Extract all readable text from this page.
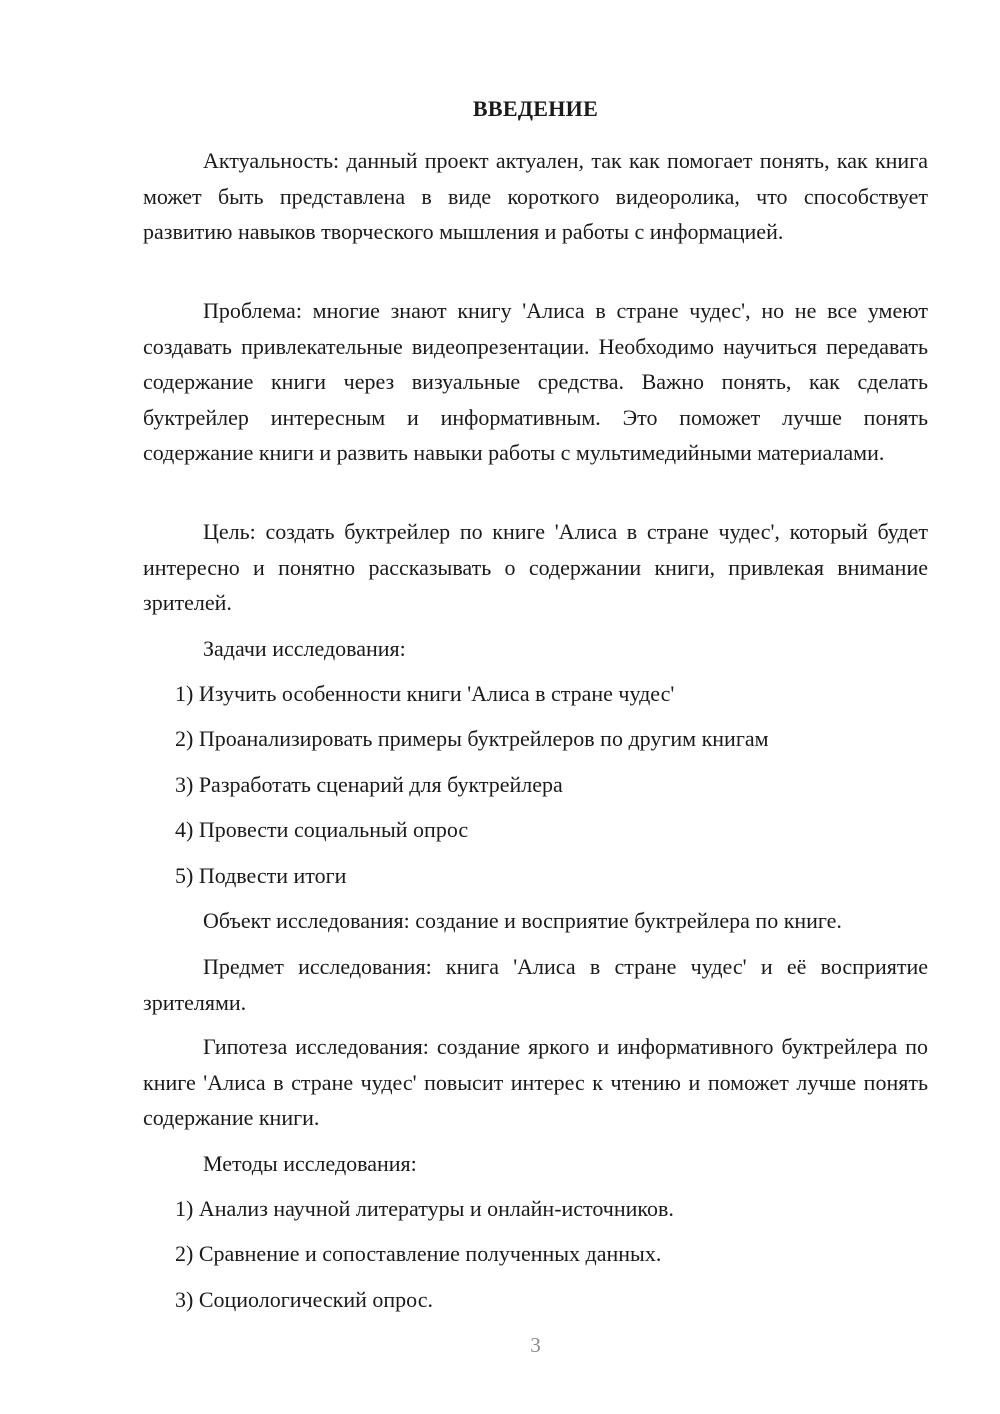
ВВЕДЕНИЕ

Актуальность: данный проект актуален, так как помогает понять, как книга может быть представлена в виде короткого видеоролика, что способствует развитию навыков творческого мышления и работы с информацией.

Проблема: многие знают книгу 'Алиса в стране чудес', но не все умеют создавать привлекательные видеопрезентации. Необходимо научиться передавать содержание книги через визуальные средства. Важно понять, как сделать буктрейлер интересным и информативным. Это поможет лучше понять содержание книги и развить навыки работы с мультимедийными материалами.

Цель: создать буктрейлер по книге 'Алиса в стране чудес', который будет интересно и понятно рассказывать о содержании книги, привлекая внимание зрителей.

Задачи исследования:

1) Изучить особенности книги 'Алиса в стране чудес'

2) Проанализировать примеры буктрейлеров по другим книгам

3) Разработать сценарий для буктрейлера

4) Провести социальный опрос

5) Подвести итоги

Объект исследования: создание и восприятие буктрейлера по книге.

Предмет исследования: книга 'Алиса в стране чудес' и её восприятие зрителями.

Гипотеза исследования: создание яркого и информативного буктрейлера по книге 'Алиса в стране чудес' повысит интерес к чтению и поможет лучше понять содержание книги.

Методы исследования:

1) Анализ научной литературы и онлайн-источников.

2) Сравнение и сопоставление полученных данных.

3) Социологический опрос.

3
